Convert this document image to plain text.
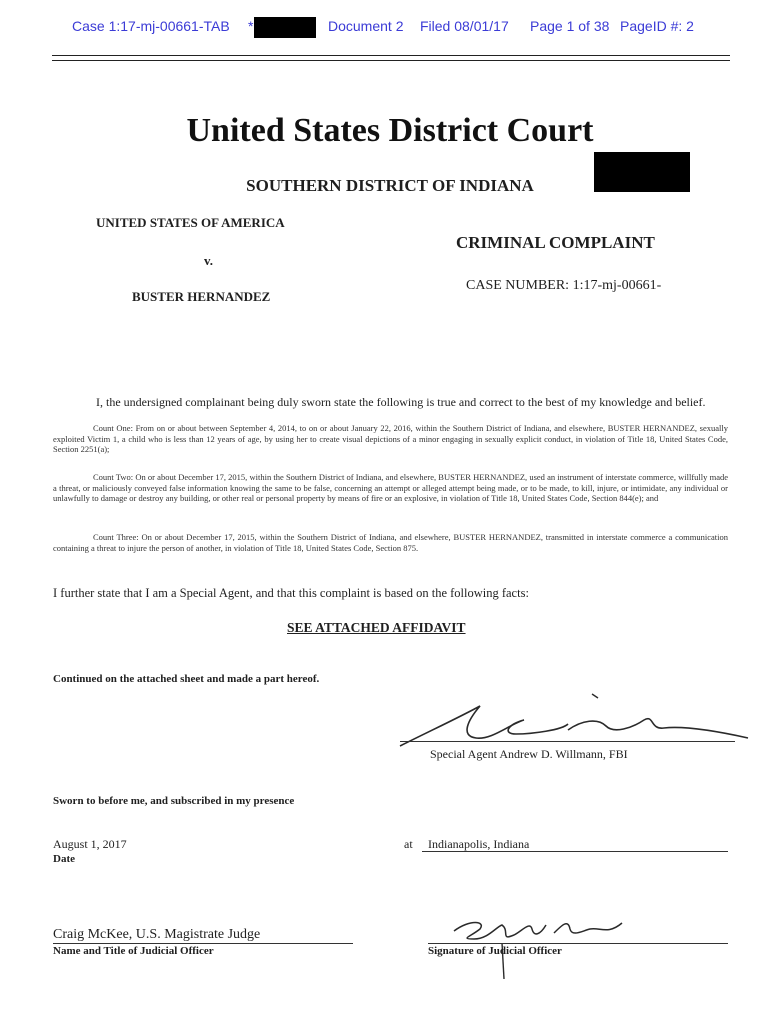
Case 1:17-mj-00661-TAB *	Document 2 Filed 08/01/17 Page 1 of 38 PageID #: 2
United States District Court
SOUTHERN DISTRICT OF INDIANA
UNITED STATES OF AMERICA
v.
BUSTER HERNANDEZ
CRIMINAL COMPLAINT
CASE NUMBER: 1:17-mj-00661-
I, the undersigned complainant being duly sworn state the following is true and correct to the best of my knowledge and belief.
Count One: From on or about between September 4, 2014, to on or about January 22, 2016, within the Southern District of Indiana, and elsewhere, BUSTER HERNANDEZ, sexually exploited Victim 1, a child who is less than 12 years of age, by using her to create visual depictions of a minor engaging in sexually explicit conduct, in violation of Title 18, United States Code, Section 2251(a);
Count Two: On or about December 17, 2015, within the Southern District of Indiana, and elsewhere, BUSTER HERNANDEZ, used an instrument of interstate commerce, willfully made a threat, or maliciously conveyed false information knowing the same to be false, concerning an attempt or alleged attempt being made, or to be made, to kill, injure, or intimidate, any individual or unlawfully to damage or destroy any building, or other real or personal property by means of fire or an explosive, in violation of Title 18, United States Code, Section 844(e); and
Count Three: On or about December 17, 2015, within the Southern District of Indiana, and elsewhere, BUSTER HERNANDEZ, transmitted in interstate commerce a communication containing a threat to injure the person of another, in violation of Title 18, United States Code, Section 875.
I further state that I am a Special Agent, and that this complaint is based on the following facts:
SEE ATTACHED AFFIDAVIT
Continued on the attached sheet and made a part hereof.
Special Agent Andrew D. Willmann, FBI
Sworn to before me, and subscribed in my presence
August 1, 2017
Date
at Indianapolis, Indiana
Craig McKee, U.S. Magistrate Judge
Name and Title of Judicial Officer	Signature of Judicial Officer
